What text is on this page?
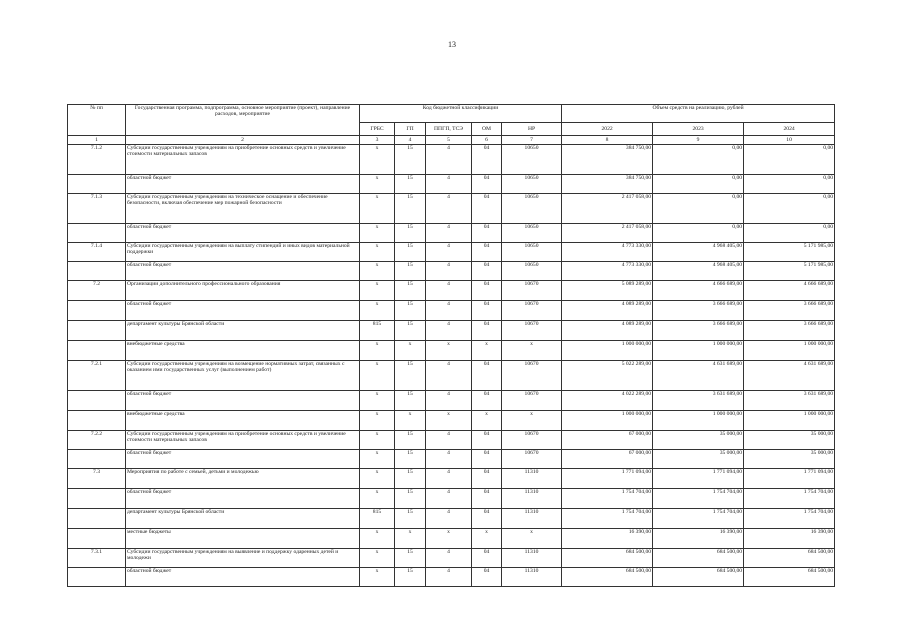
13
№ пп	Государственная программа, подпрограмма, основное мероприятие (проект), направление расходов, мероприятие	Код бюджетной классификации					Объем средств на реализацию, рублей		
		ГРБС	ГП	ППГП, ТСЭ	ОМ	НР	2022	2023	2024
1	2	3	4	5	6	7	8	9	10
7.1.2	Субсидии государственным учреждениям на приобретение основных средств и увеличение стоимости материальных запасов	х	15	4	04	10650	384 750,00	0,00	0,00
	областной бюджет	х	15	4	04	10650	384 750,00	0,00	0,00
7.1.3	Субсидии государственным учреждениям на техническое оснащение и обеспечение безопасности, включая обеспечение мер пожарной безопасности	х	15	4	04	10650	2 417 058,00	0,00	0,00
	областной бюджет	х	15	4	04	10650	2 417 058,00	0,00	0,00
7.1.4	Субсидии государственным учреждениям на выплату стипендий и иных видов материальной поддержки	х	15	4	04	10650	4 773 330,00	4 968 405,00	5 171 985,00
	областной бюджет	х	15	4	04	10650	4 773 330,00	4 968 405,00	5 171 985,00
7.2	Организации дополнительного профессионального образования	х	15	4	04	10670	5 089 289,00	4 666 689,00	4 666 689,00
	областной бюджет	х	15	4	04	10670	4 089 289,00	3 666 689,00	3 666 689,00
	департамент культуры Брянской области	815	15	4	04	10670	4 089 289,00	3 666 689,00	3 666 689,00
	внебюджетные средства	х	х	х	х	х	1 000 000,00	1 000 000,00	1 000 000,00
7.2.1	Субсидии государственным учреждениям на возмещение нормативных затрат, связанных с оказанием ими государственных услуг (выполнением работ)	х	15	4	04	10670	5 022 289,00	4 631 689,00	4 631 689,00
	областной бюджет	х	15	4	04	10670	4 022 289,00	3 631 689,00	3 631 689,00
	внебюджетные средства	х	х	х	х	х	1 000 000,00	1 000 000,00	1 000 000,00
7.2.2	Субсидии государственным учреждениям на приобретение основных средств и увеличение стоимости материальных запасов	х	15	4	04	10670	67 000,00	35 000,00	35 000,00
	областной бюджет	х	15	4	04	10670	67 000,00	35 000,00	35 000,00
7.3	Мероприятия по работе с семьей, детьми и молодежью	х	15	4	04	11310	1 771 094,00	1 771 094,00	1 771 094,00
	областной бюджет	х	15	4	04	11310	1 754 704,00	1 754 704,00	1 754 704,00
	департамент культуры Брянской области	815	15	4	04	11310	1 754 704,00	1 754 704,00	1 754 704,00
	местные бюджеты	х	х	х	х	х	16 390,00	16 390,00	16 390,00
7.3.1	Субсидии государственным учреждениям на выявление и поддержку одаренных детей и молодежи	х	15	4	04	11310	684 500,00	684 500,00	684 500,00
	областной бюджет	х	15	4	04	11310	684 500,00	684 500,00	684 500,00
